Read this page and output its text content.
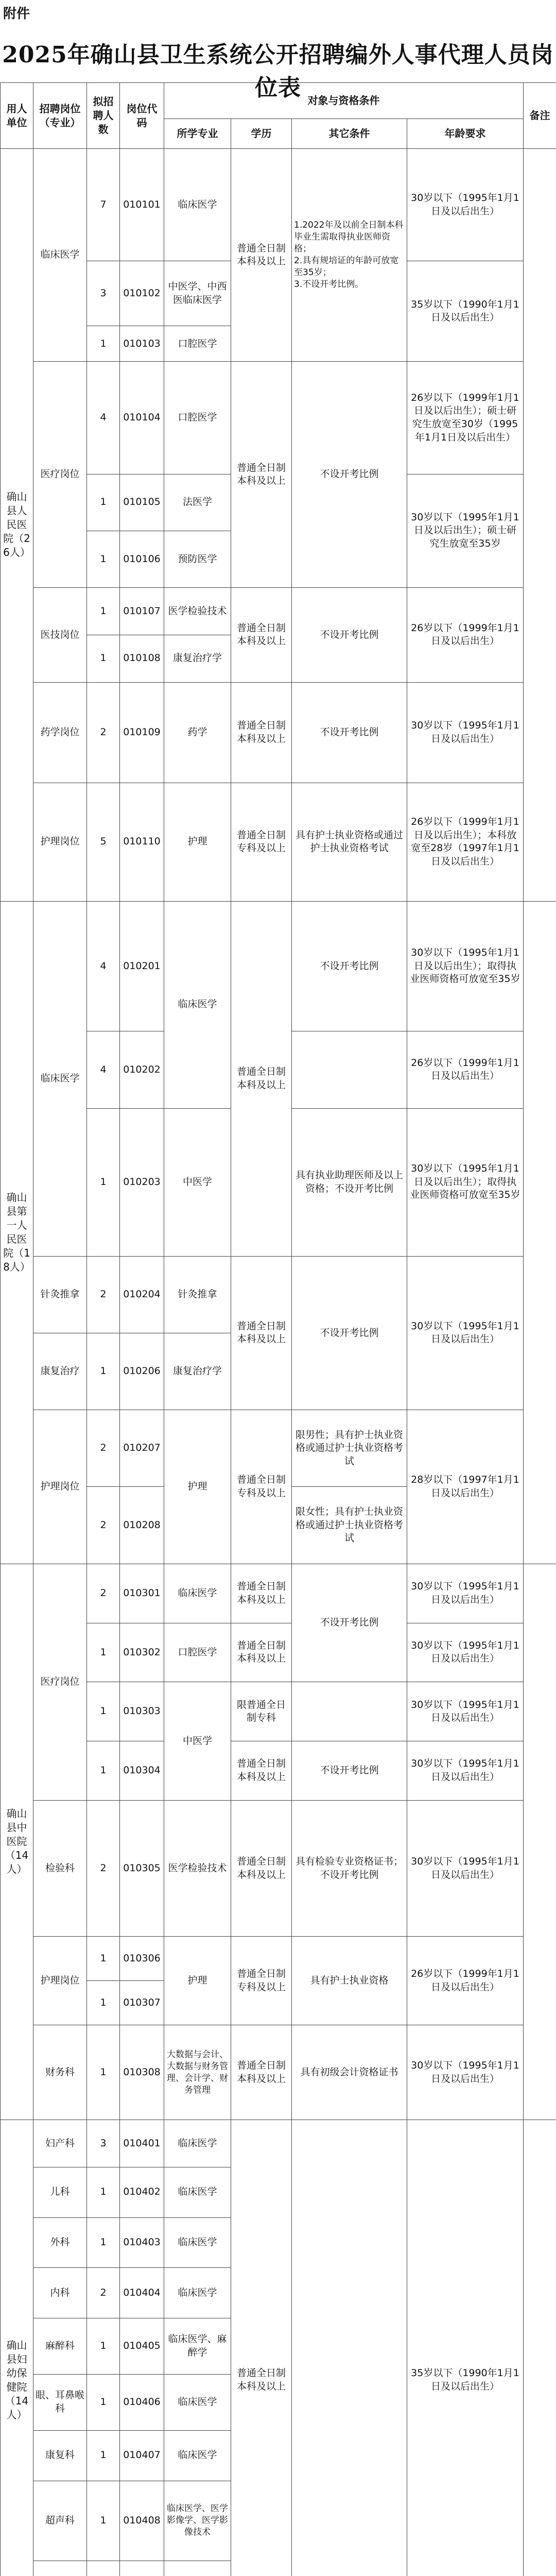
附件
2025年确山县卫生系统公开招聘编外人事代理人员岗位表
用人单位	招聘岗位（专业）	拟招聘人数	岗位代码	对象与资格条件				备注
				所学专业	学历	其它条件	年龄要求	
确山县人民医院（26人）	临床医学	7	010101	临床医学	普通全日制本科及以上	1.2022年及以前全日制本科毕业生需取得执业医师资格；
2.具有规培证的年龄可放宽至35岁；
3.不设开考比例。	30岁以下（1995年1月1日及以后出生）	
		3	010102	中医学、中西医临床医学			35岁以下（1990年1月1日及以后出生）	
		1	010103	口腔医学				
	医疗岗位	4	010104	口腔医学	普通全日制本科及以上	不设开考比例	26岁以下（1999年1月1日及以后出生）；硕士研究生放宽至30岁（1995年1月1日及以后出生）	
		1	010105	法医学			30岁以下（1995年1月1日及以后出生）；硕士研究生放宽至35岁	
		1	010106	预防医学				
	医技岗位	1	010107	医学检验技术	普通全日制本科及以上	不设开考比例	26岁以下（1999年1月1日及以后出生）	
		1	010108	康复治疗学				
	药学岗位	2	010109	药学	普通全日制本科及以上	不设开考比例	30岁以下（1995年1月1日及以后出生）	
	护理岗位	5	010110	护理	普通全日制专科及以上	具有护士执业资格或通过护士执业资格考试	26岁以下（1999年1月1日及以后出生）；本科放宽至28岁（1997年1月1日及以后出生）	
确山县第一人民医院（18人）	临床医学	4	010201	临床医学	普通全日制本科及以上	不设开考比例	30岁以下（1995年1月1日及以后出生）；取得执业医师资格可放宽至35岁	
		4	010202				26岁以下（1999年1月1日及以后出生）	
		1	010203	中医学		具有执业助理医师及以上资格；不设开考比例	30岁以下（1995年1月1日及以后出生）；取得执业医师资格可放宽至35岁	
	针灸推拿	2	010204	针灸推拿	普通全日制本科及以上	不设开考比例	30岁以下（1995年1月1日及以后出生）	
	康复治疗	1	010206	康复治疗学				
	护理岗位	2	010207	护理	普通全日制专科及以上	限男性；具有护士执业资格或通过护士执业资格考试	28岁以下（1997年1月1日及以后出生）	
		2	010208			限女性；具有护士执业资格或通过护士执业资格考试		
确山县中医院（14人）	医疗岗位	2	010301	临床医学	普通全日制本科及以上	不设开考比例	30岁以下（1995年1月1日及以后出生）	
		1	010302	口腔医学	普通全日制本科及以上		30岁以下（1995年1月1日及以后出生）	
		1	010303	中医学	限普通全日制专科		30岁以下（1995年1月1日及以后出生）	
		1	010304		普通全日制本科及以上	不设开考比例	30岁以下（1995年1月1日及以后出生）	
	检验科	2	010305	医学检验技术	普通全日制本科及以上	具有检验专业资格证书；不设开考比例	30岁以下（1995年1月1日及以后出生）	
	护理岗位	1	010306	护理	普通全日制专科及以上	具有护士执业资格	26岁以下（1999年1月1日及以后出生）	
		1	010307					
	财务科	1	010308	大数据与会计、大数据与财务管理、会计学、财务管理	普通全日制本科及以上	具有初级会计资格证书	30岁以下（1995年1月1日及以后出生）	
确山县妇幼保健院（14人）	妇产科	3	010401	临床医学	普通全日制本科及以上		35岁以下（1990年1月1日及以后出生）	
	儿科	1	010402	临床医学				
	外科	1	010403	临床医学				
	内科	2	010404	临床医学				
	麻醉科	1	010405	临床医学、麻醉学				
	眼、耳鼻喉科	1	010406	临床医学				
	康复科	1	010407	临床医学				
	超声科	1	010408	临床医学、医学影像学、医学影像技术				
